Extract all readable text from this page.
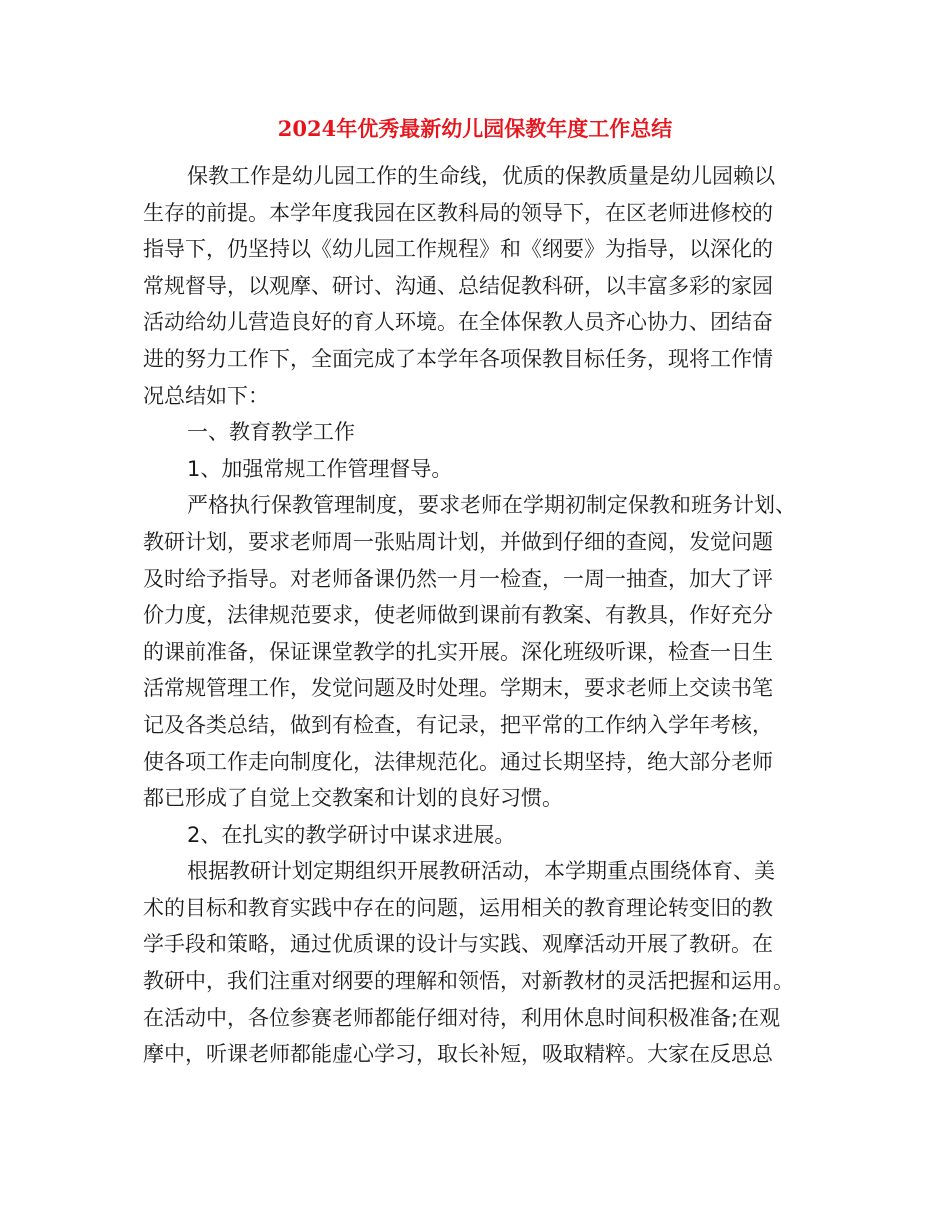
2024年优秀最新幼儿园保教年度工作总结
保教工作是幼儿园工作的生命线，优质的保教质量是幼儿园赖以
生存的前提。本学年度我园在区教科局的领导下，在区老师进修校的
指导下，仍坚持以《幼儿园工作规程》和《纲要》为指导，以深化的
常规督导，以观摩、研讨、沟通、总结促教科研，以丰富多彩的家园
活动给幼儿营造良好的育人环境。在全体保教人员齐心协力、团结奋
进的努力工作下，全面完成了本学年各项保教目标任务，现将工作情
况总结如下：
一、教育教学工作
1、加强常规工作管理督导。
严格执行保教管理制度，要求老师在学期初制定保教和班务计划、
教研计划，要求老师周一张贴周计划，并做到仔细的查阅，发觉问题
及时给予指导。对老师备课仍然一月一检查，一周一抽查，加大了评
价力度，法律规范要求，使老师做到课前有教案、有教具，作好充分
的课前准备，保证课堂教学的扎实开展。深化班级听课，检查一日生
活常规管理工作，发觉问题及时处理。学期末，要求老师上交读书笔
记及各类总结，做到有检查，有记录，把平常的工作纳入学年考核，
使各项工作走向制度化，法律规范化。通过长期坚持，绝大部分老师
都已形成了自觉上交教案和计划的良好习惯。
2、在扎实的教学研讨中谋求进展。
根据教研计划定期组织开展教研活动，本学期重点围绕体育、美
术的目标和教育实践中存在的问题，运用相关的教育理论转变旧的教
学手段和策略，通过优质课的设计与实践、观摩活动开展了教研。在
教研中，我们注重对纲要的理解和领悟，对新教材的灵活把握和运用。
在活动中，各位参赛老师都能仔细对待，利用休息时间积极准备;在观
摩中，听课老师都能虚心学习，取长补短，吸取精粹。大家在反思总
